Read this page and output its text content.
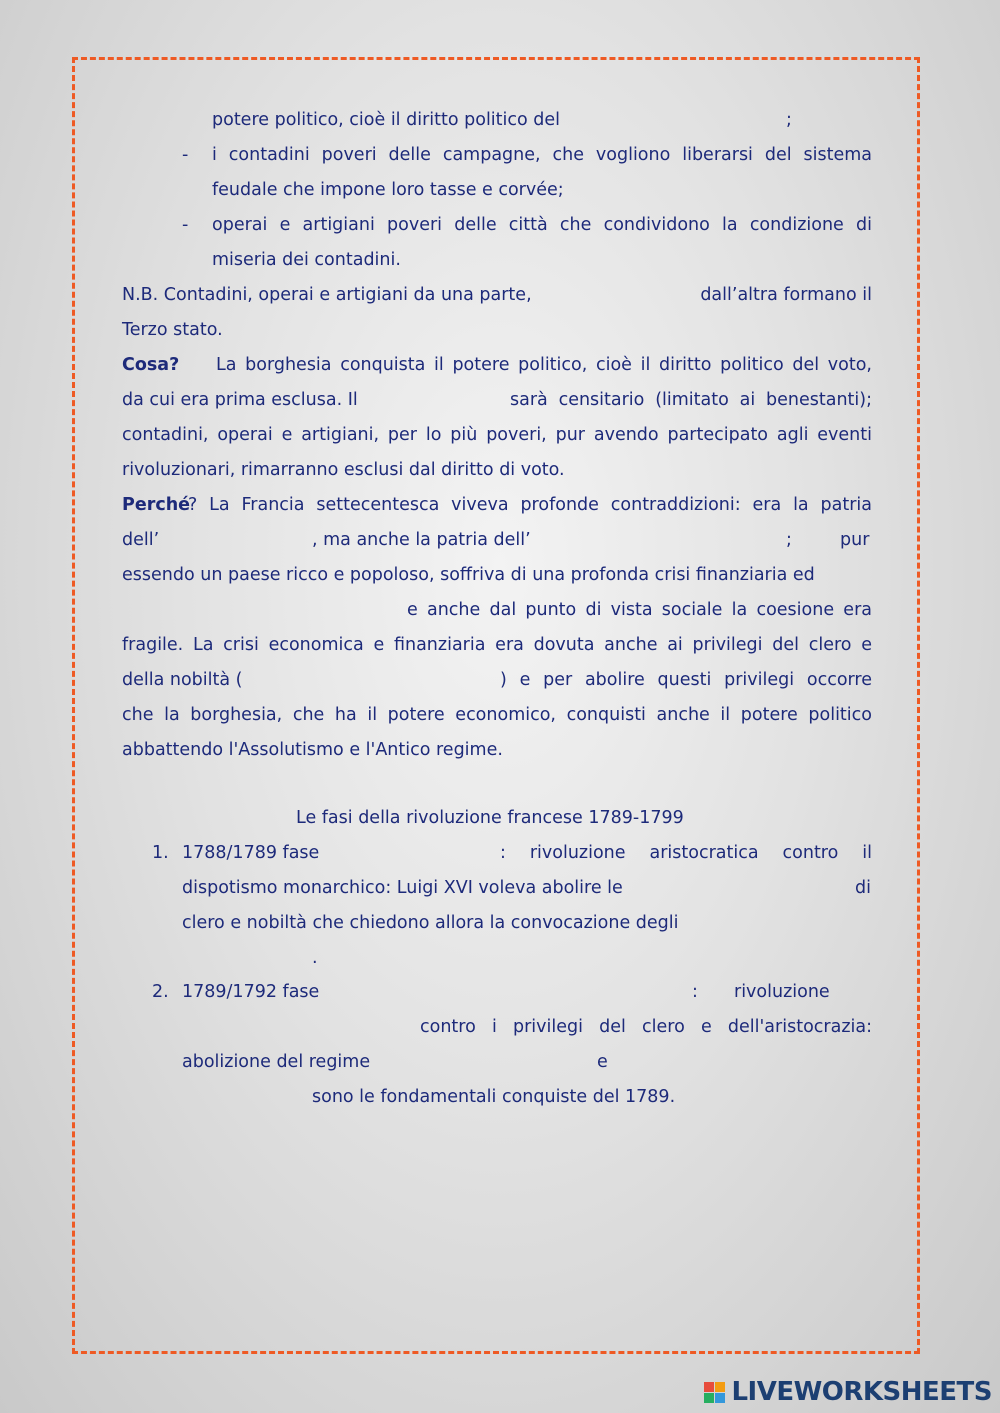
potere politico, cioè il diritto politico del	;
- i contadini poveri delle campagne, che vogliono liberarsi del sistema
feudale che impone loro tasse e corvée;
- operai e artigiani poveri delle città che condividono la condizione di
miseria dei contadini.
N.B. Contadini, operai e artigiani da una parte,	dall’altra formano il
Terzo stato.
Cosa? La borghesia conquista il potere politico, cioè il diritto politico del voto,
da cui era prima esclusa. Il	sarà censitario (limitato ai benestanti);
contadini, operai e artigiani, per lo più poveri, pur avendo partecipato agli eventi
rivoluzionari, rimarranno esclusi dal diritto di voto.
Perché
? La Francia settecentesca viveva profonde contraddizioni: era la patria
dell’	, ma anche la patria dell’	;	pur
essendo un paese ricco e popoloso, soffriva di una profonda crisi finanziaria ed
e anche dal punto di vista sociale la coesione era
fragile. La crisi economica e finanziaria era dovuta anche ai privilegi del clero e
della nobiltà (	) e per abolire questi privilegi occorre
che la borghesia, che ha il potere economico, conquisti anche il potere politico
abbattendo l'Assolutismo e l'Antico regime.
Le fasi della rivoluzione francese 1789-1799
1. 1788/1789 fase	: rivoluzione aristocratica contro il
dispotismo monarchico: Luigi XVI voleva abolire le	di
clero e nobiltà che chiedono allora la convocazione degli
.
2. 1789/1792 fase	: rivoluzione
contro i privilegi del clero e dell'aristocrazia:
abolizione del regime	e
sono le fondamentali conquiste del 1789.
LIVEWORKSHEETS
